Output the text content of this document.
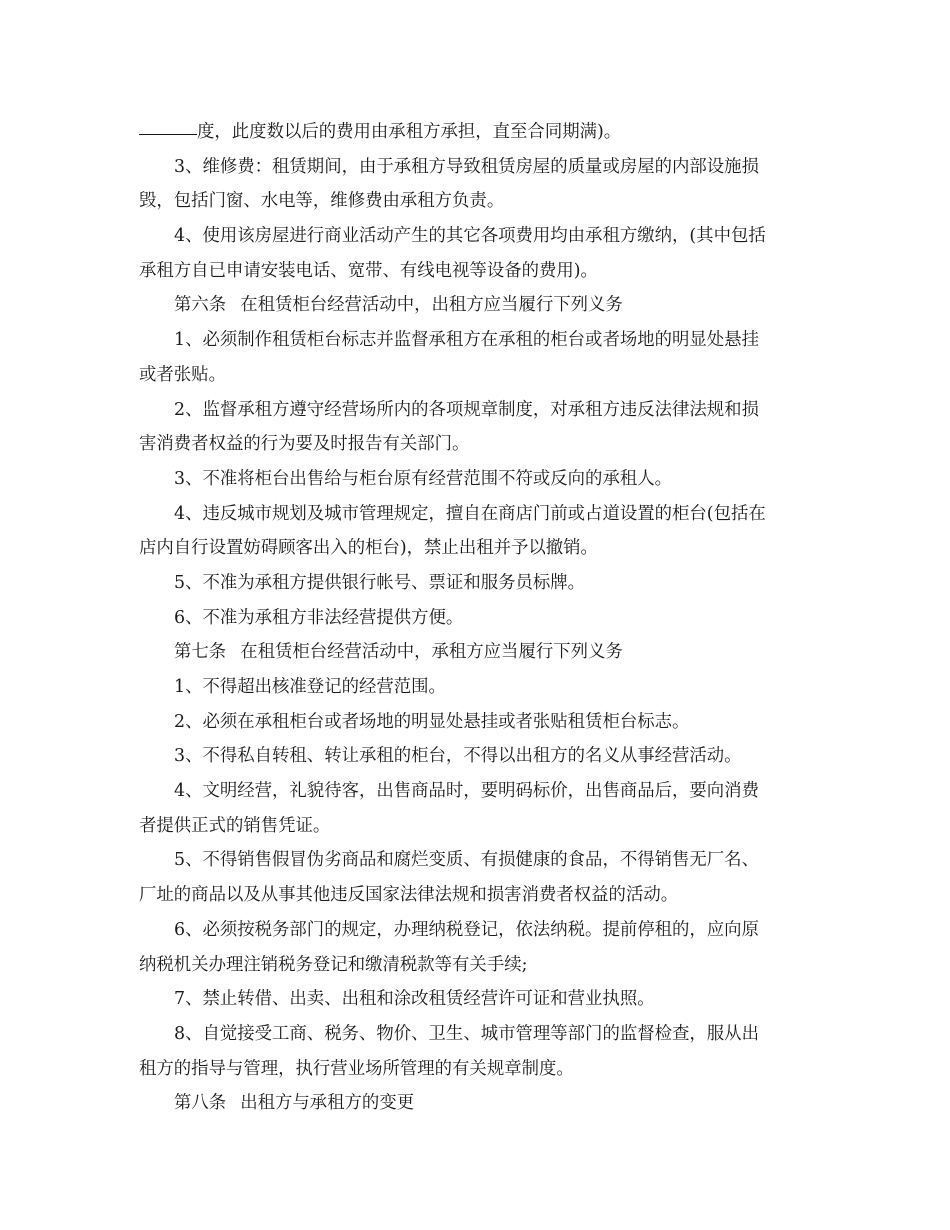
度，此度数以后的费用由承租方承担，直至合同期满)。
3、维修费：租赁期间，由于承租方导致租赁房屋的质量或房屋的内部设施损
毁，包括门窗、水电等，维修费由承租方负责。
4、使用该房屋进行商业活动产生的其它各项费用均由承租方缴纳，(其中包括
承租方自已申请安装电话、宽带、有线电视等设备的费用)。
第六条 在租赁柜台经营活动中，出租方应当履行下列义务
1、必须制作租赁柜台标志并监督承租方在承租的柜台或者场地的明显处悬挂
或者张贴。
2、监督承租方遵守经营场所内的各项规章制度，对承租方违反法律法规和损
害消费者权益的行为要及时报告有关部门。
3、不准将柜台出售给与柜台原有经营范围不符或反向的承租人。
4、违反城市规划及城市管理规定，擅自在商店门前或占道设置的柜台(包括在
店内自行设置妨碍顾客出入的柜台)，禁止出租并予以撤销。
5、不准为承租方提供银行帐号、票证和服务员标牌。
6、不准为承租方非法经营提供方便。
第七条 在租赁柜台经营活动中，承租方应当履行下列义务
1、不得超出核准登记的经营范围。
2、必须在承租柜台或者场地的明显处悬挂或者张贴租赁柜台标志。
3、不得私自转租、转让承租的柜台，不得以出租方的名义从事经营活动。
4、文明经营，礼貌待客，出售商品时，要明码标价，出售商品后，要向消费
者提供正式的销售凭证。
5、不得销售假冒伪劣商品和腐烂变质、有损健康的食品，不得销售无厂名、
厂址的商品以及从事其他违反国家法律法规和损害消费者权益的活动。
6、必须按税务部门的规定，办理纳税登记，依法纳税。提前停租的，应向原
纳税机关办理注销税务登记和缴清税款等有关手续;
7、禁止转借、出卖、出租和涂改租赁经营许可证和营业执照。
8、自觉接受工商、税务、物价、卫生、城市管理等部门的监督检查，服从出
租方的指导与管理，执行营业场所管理的有关规章制度。
第八条 出租方与承租方的变更
